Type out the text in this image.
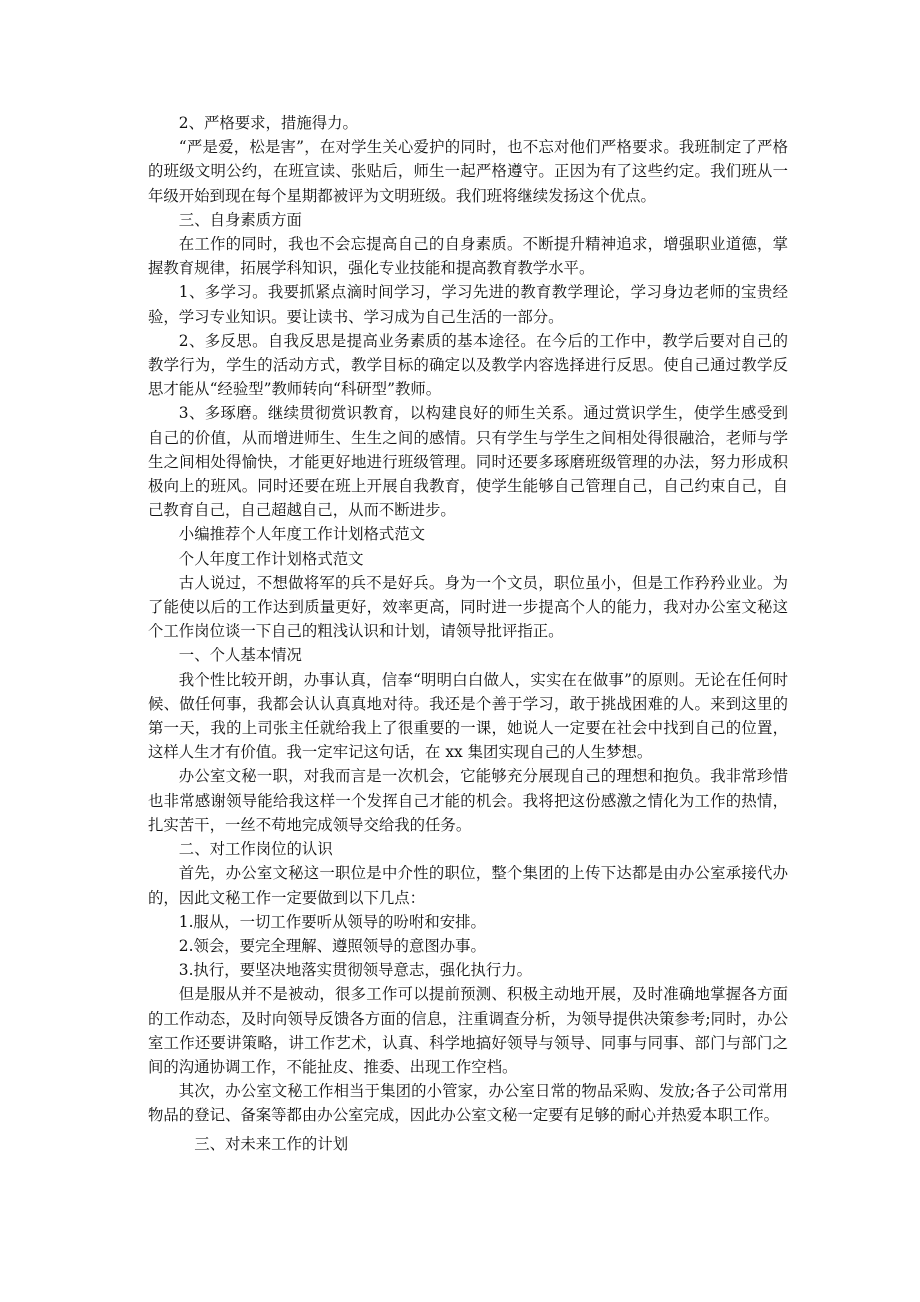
2、严格要求，措施得力。

“严是爱，松是害”，在对学生关心爱护的同时，也不忘对他们严格要求。我班制定了严格的班级文明公约，在班宣读、张贴后，师生一起严格遵守。正因为有了这些约定。我们班从一年级开始到现在每个星期都被评为文明班级。我们班将继续发扬这个优点。

三、自身素质方面

在工作的同时，我也不会忘提高自己的自身素质。不断提升精神追求，增强职业道德，掌握教育规律，拓展学科知识，强化专业技能和提高教育教学水平。

1、多学习。我要抓紧点滴时间学习，学习先进的教育教学理论，学习身边老师的宝贵经验，学习专业知识。要让读书、学习成为自己生活的一部分。

2、多反思。自我反思是提高业务素质的基本途径。在今后的工作中，教学后要对自己的教学行为，学生的活动方式，教学目标的确定以及教学内容选择进行反思。使自己通过教学反思才能从“经验型”教师转向“科研型”教师。

3、多琢磨。继续贯彻赏识教育，以构建良好的师生关系。通过赏识学生，使学生感受到自己的价值，从而增进师生、生生之间的感情。只有学生与学生之间相处得很融洽，老师与学生之间相处得愉快，才能更好地进行班级管理。同时还要多琢磨班级管理的办法，努力形成积极向上的班风。同时还要在班上开展自我教育，使学生能够自己管理自己，自己约束自己，自己教育自己，自己超越自己，从而不断进步。

小编推荐个人年度工作计划格式范文

个人年度工作计划格式范文

古人说过，不想做将军的兵不是好兵。身为一个文员，职位虽小，但是工作矜矜业业。为了能使以后的工作达到质量更好，效率更高，同时进一步提高个人的能力，我对办公室文秘这个工作岗位谈一下自己的粗浅认识和计划，请领导批评指正。

一、个人基本情况

我个性比较开朗，办事认真，信奉“明明白白做人，实实在在做事”的原则。无论在任何时候、做任何事，我都会认认真真地对待。我还是个善于学习，敢于挑战困难的人。来到这里的第一天，我的上司张主任就给我上了很重要的一课，她说人一定要在社会中找到自己的位置，这样人生才有价值。我一定牢记这句话，在 xx 集团实现自己的人生梦想。

办公室文秘一职，对我而言是一次机会，它能够充分展现自己的理想和抱负。我非常珍惜也非常感谢领导能给我这样一个发挥自己才能的机会。我将把这份感激之情化为工作的热情，扎实苦干，一丝不苟地完成领导交给我的任务。

二、对工作岗位的认识

首先，办公室文秘这一职位是中介性的职位，整个集团的上传下达都是由办公室承接代办的，因此文秘工作一定要做到以下几点：

1.服从，一切工作要听从领导的吩咐和安排。

2.领会，要完全理解、遵照领导的意图办事。

3.执行，要坚决地落实贯彻领导意志，强化执行力。

但是服从并不是被动，很多工作可以提前预测、积极主动地开展，及时准确地掌握各方面的工作动态，及时向领导反馈各方面的信息，注重调查分析，为领导提供决策参考;同时，办公室工作还要讲策略，讲工作艺术，认真、科学地搞好领导与领导、同事与同事、部门与部门之间的沟通协调工作，不能扯皮、推委、出现工作空档。

其次，办公室文秘工作相当于集团的小管家，办公室日常的物品采购、发放;各子公司常用物品的登记、备案等都由办公室完成，因此办公室文秘一定要有足够的耐心并热爱本职工作。

三、对未来工作的计划
